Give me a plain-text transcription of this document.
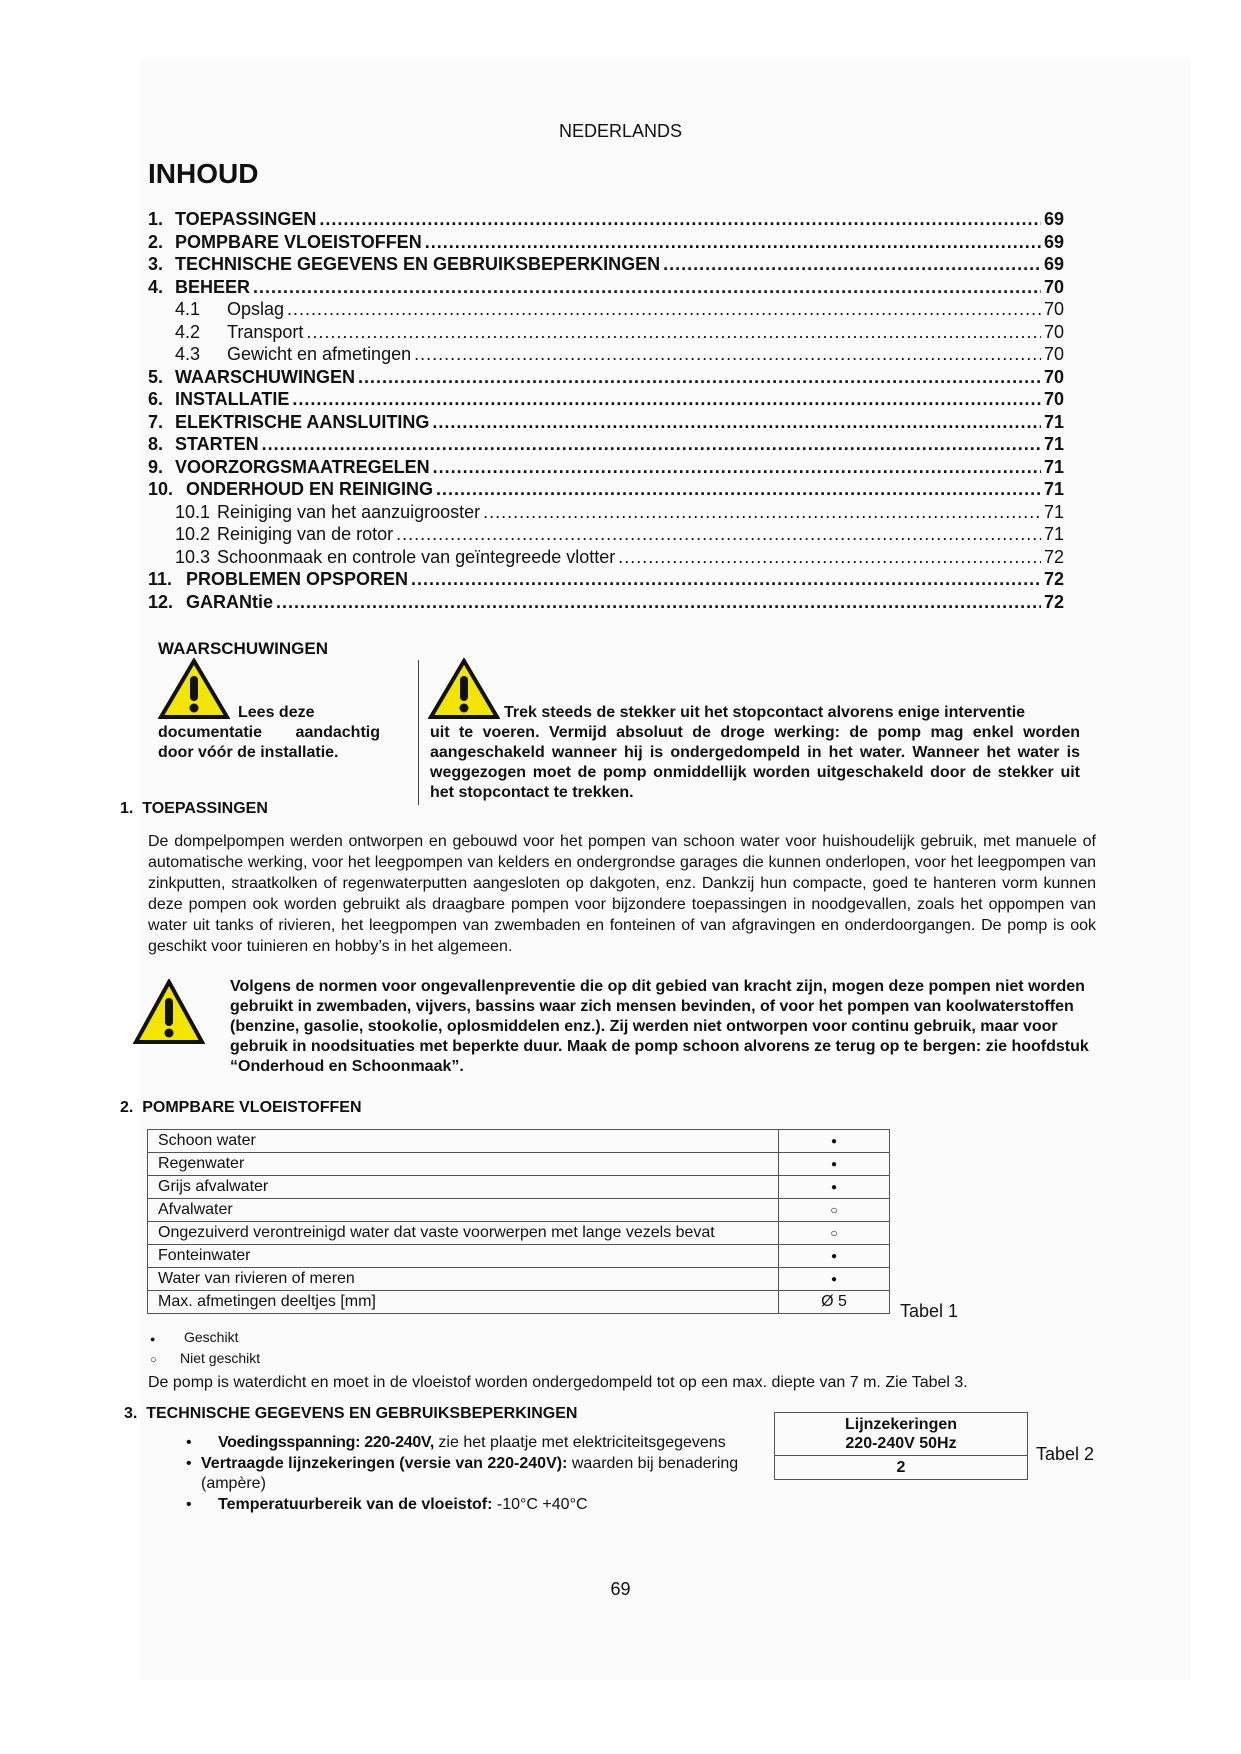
NEDERLANDS
INHOUD
1. TOEPASSINGEN .....	69
2. POMPBARE VLOEISTOFFEN .....	69
3. TECHNISCHE GEGEVENS EN GEBRUIKSBEPERKINGEN .....	69
4. BEHEER .....	70
4.1	Opslag .....	70
4.2	Transport .....	70
4.3	Gewicht en afmetingen .....	70
5. WAARSCHUWINGEN .....	70
6. INSTALLATIE .....	70
7. ELEKTRISCHE AANSLUITING .....	71
8. STARTEN .....	71
9. VOORZORGSMAATREGELEN .....	71
10. ONDERHOUD EN REINIGING .....	71
10.1 Reiniging van het aanzuigrooster .....	71
10.2 Reiniging van de rotor .....	71
10.3 Schoonmaak en controle van geïntegreede vlotter .....	72
11. PROBLEMEN OPSPOREN .....	72
12. GARANtie .....	72
WAARSCHUWINGEN
Lees deze
documentatie aandachtig door vóór de installatie.
Trek steeds de stekker uit het stopcontact alvorens enige interventie
uit te voeren. Vermijd absoluut de droge werking: de pomp mag enkel worden aangeschakeld wanneer hij is ondergedompeld in het water. Wanneer het water is weggezogen moet de pomp onmiddellijk worden uitgeschakeld door de stekker uit het stopcontact te trekken.
1.  TOEPASSINGEN
De dompelpompen werden ontworpen en gebouwd voor het pompen van schoon water voor huishoudelijk gebruik, met manuele of automatische werking, voor het leegpompen van kelders en ondergrondse garages die kunnen onderlopen, voor het leegpompen van zinkputten, straatkolken of regenwaterputten aangesloten op dakgoten, enz. Dankzij hun compacte, goed te hanteren vorm kunnen deze pompen ook worden gebruikt als draagbare pompen voor bijzondere toepassingen in noodgevallen, zoals het oppompen van water uit tanks of rivieren, het leegpompen van zwembaden en fonteinen of van afgravingen en onderdoorgangen. De pomp is ook geschikt voor tuinieren en hobby’s in het algemeen.
Volgens de normen voor ongevallenpreventie die op dit gebied van kracht zijn, mogen deze pompen niet worden gebruikt in zwembaden, vijvers, bassins waar zich mensen bevinden, of voor het pompen van koolwaterstoffen (benzine, gasolie, stookolie, oplosmiddelen enz.). Zij werden niet ontworpen voor continu gebruik, maar voor gebruik in noodsituaties met beperkte duur. Maak de pomp schoon alvorens ze terug op te bergen: zie hoofdstuk “Onderhoud en Schoonmaak”.
2.  POMPBARE VLOEISTOFFEN
Schoon water	●
Regenwater	●
Grijs afvalwater	●
Afvalwater	○
Ongezuiverd verontreinigd water dat vaste voorwerpen met lange vezels bevat	○
Fonteinwater	●
Water van rivieren of meren	●
Max. afmetingen deeltjes [mm]	Ø 5	Tabel 1
● Geschikt
○ Niet geschikt
De pomp is waterdicht en moet in de vloeistof worden ondergedompeld tot op een max. diepte van 7 m. Zie Tabel 3.
3.  TECHNISCHE GEGEVENS EN GEBRUIKSBEPERKINGEN
• Voedingsspanning: 220-240V, zie het plaatje met elektriciteitsgegevens
• Vertraagde lijnzekeringen (versie van 220-240V): waarden bij benadering (ampère)
• Temperatuurbereik van de vloeistof: -10°C +40°C
Lijnzekeringen
220-240V 50Hz

2
Tabel 2
69
